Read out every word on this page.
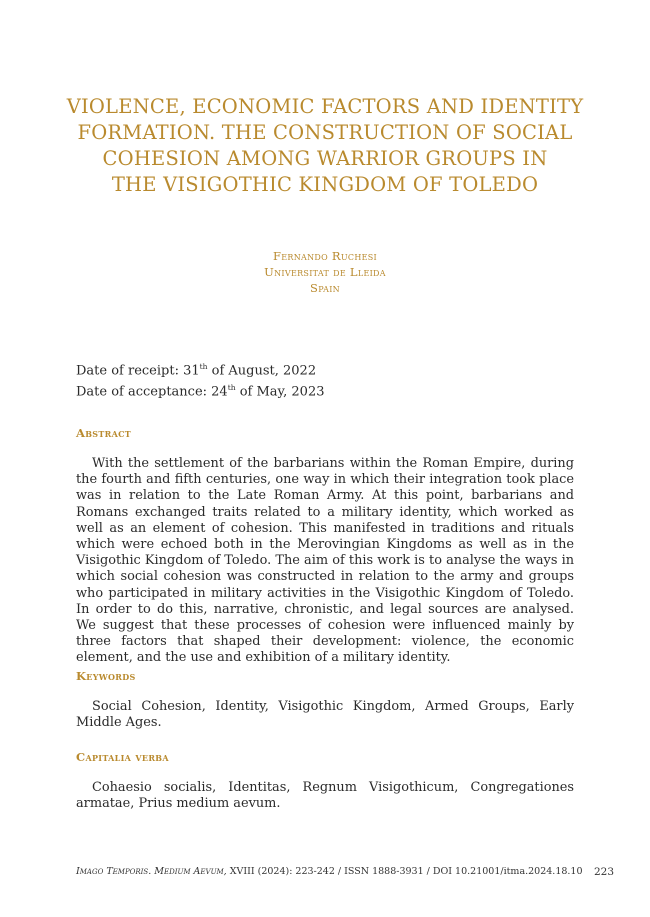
VIOLENCE, ECONOMIC FACTORS AND IDENTITY
FORMATION. THE CONSTRUCTION OF SOCIAL
COHESION AMONG WARRIOR GROUPS IN
THE VISIGOTHIC KINGDOM OF TOLEDO
Fernando Ruchesi
Universitat de Lleida
Spain
Date of receipt: 31th of August, 2022
Date of acceptance: 24th of May, 2023
Abstract

With the settlement of the barbarians within the Roman Empire, during the fourth and fifth centuries, one way in which their integration took place was in relation to the Late Roman Army. At this point, barbarians and Romans exchanged traits related to a military identity, which worked as well as an element of cohesion. This manifested in traditions and rituals which were echoed both in the Merovingian Kingdoms as well as in the Visigothic Kingdom of Toledo. The aim of this work is to analyse the ways in which social cohesion was constructed in relation to the army and groups who participated in military activities in the Visigothic Kingdom of Toledo. In order to do this, narrative, chronistic, and legal sources are analysed. We suggest that these processes of cohesion were influenced mainly by three factors that shaped their development: violence, the economic element, and the use and exhibition of a military identity.

Keywords

Social Cohesion, Identity, Visigothic Kingdom, Armed Groups, Early Middle Ages.

Capitalia verba

Cohaesio socialis, Identitas, Regnum Visigothicum, Congregationes armatae, Prius medium aevum.

Imago Temporis. Medium Aevum, XVIII (2024): 223-242 / ISSN 1888-3931 / DOI 10.21001/itma.2024.18.10 223
